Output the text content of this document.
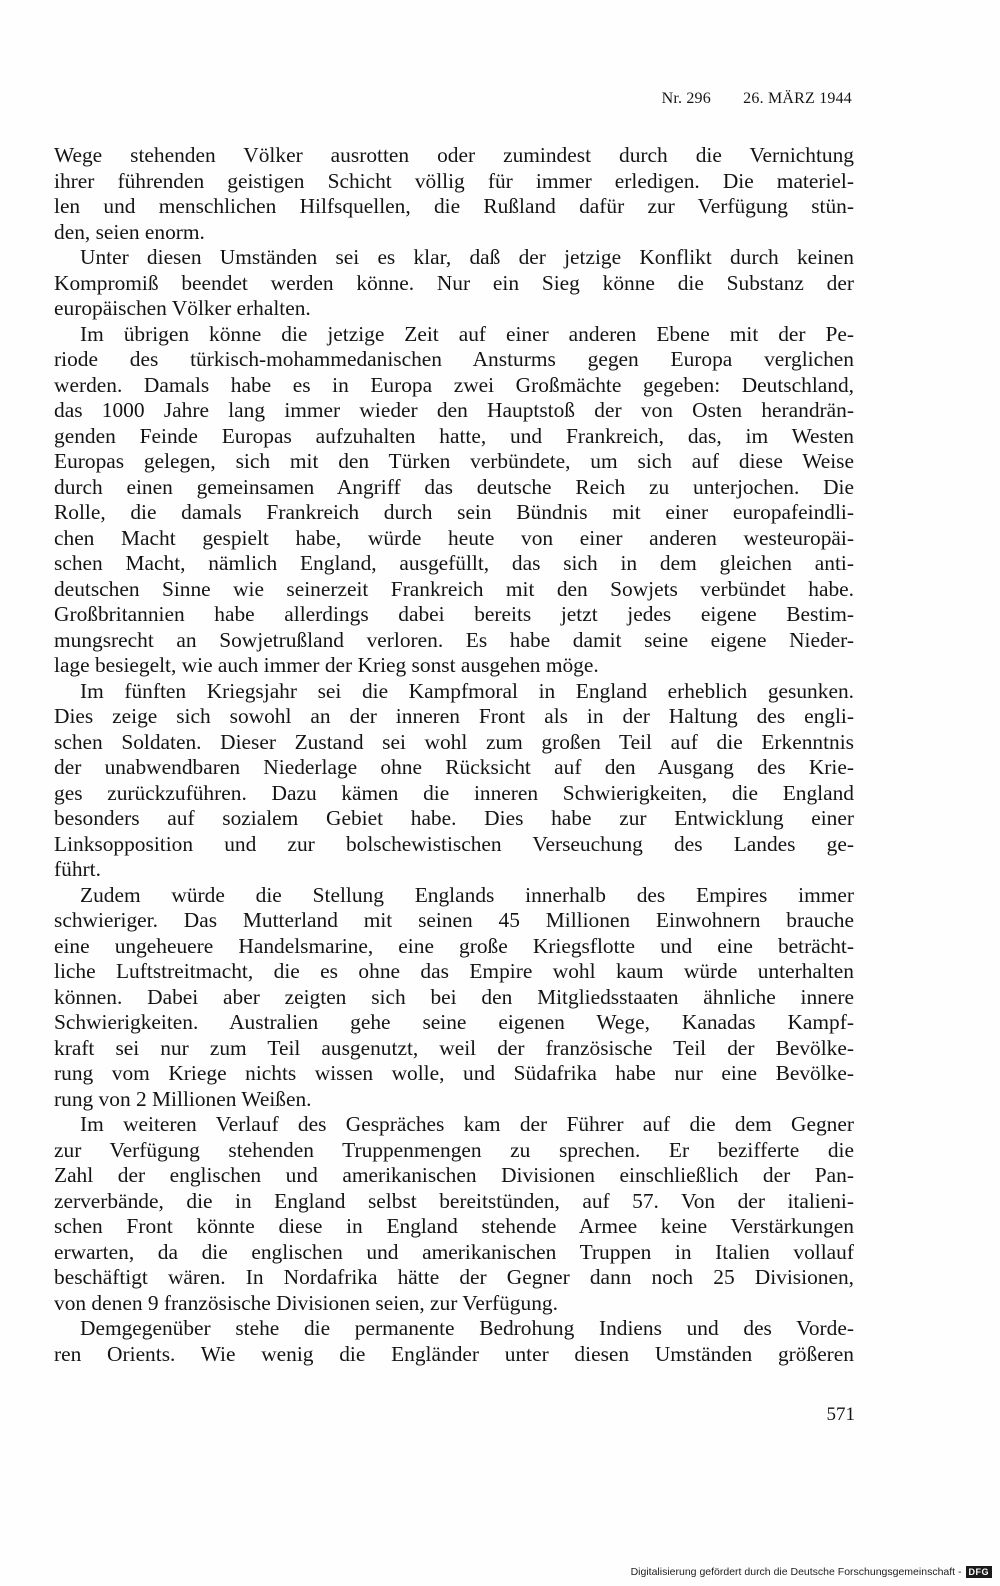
Nr. 296 26. MÄRZ 1944

Wege stehenden Völker ausrotten oder zumindest durch die Vernichtung
ihrer führenden geistigen Schicht völlig für immer erledigen. Die materiel-
len und menschlichen Hilfsquellen, die Rußland dafür zur Verfügung stün-
den, seien enorm.

Unter diesen Umständen sei es klar, daß der jetzige Konflikt durch keinen
Kompromiß beendet werden könne. Nur ein Sieg könne die Substanz der
europäischen Völker erhalten.

Im übrigen könne die jetzige Zeit auf einer anderen Ebene mit der Pe-
riode des türkisch-mohammedanischen Ansturms gegen Europa verglichen
werden. Damals habe es in Europa zwei Großmächte gegeben: Deutschland,
das 1000 Jahre lang immer wieder den Hauptstoß der von Osten herandrän-
genden Feinde Europas aufzuhalten hatte, und Frankreich, das, im Westen
Europas gelegen, sich mit den Türken verbündete, um sich auf diese Weise
durch einen gemeinsamen Angriff das deutsche Reich zu unterjochen. Die
Rolle, die damals Frankreich durch sein Bündnis mit einer europafeindli-
chen Macht gespielt habe, würde heute von einer anderen westeuropäi-
schen Macht, nämlich England, ausgefüllt, das sich in dem gleichen anti-
deutschen Sinne wie seinerzeit Frankreich mit den Sowjets verbündet habe.
Großbritannien habe allerdings dabei bereits jetzt jedes eigene Bestim-
mungsrecht an Sowjetrußland verloren. Es habe damit seine eigene Nieder-
lage besiegelt, wie auch immer der Krieg sonst ausgehen möge.

Im fünften Kriegsjahr sei die Kampfmoral in England erheblich gesunken.
Dies zeige sich sowohl an der inneren Front als in der Haltung des engli-
schen Soldaten. Dieser Zustand sei wohl zum großen Teil auf die Erkenntnis
der unabwendbaren Niederlage ohne Rücksicht auf den Ausgang des Krie-
ges zurückzuführen. Dazu kämen die inneren Schwierigkeiten, die England
besonders auf sozialem Gebiet habe. Dies habe zur Entwicklung einer
Linksopposition und zur bolschewistischen Verseuchung des Landes ge-
führt.

Zudem würde die Stellung Englands innerhalb des Empires immer
schwieriger. Das Mutterland mit seinen 45 Millionen Einwohnern brauche
eine ungeheuere Handelsmarine, eine große Kriegsflotte und eine beträcht-
liche Luftstreitmacht, die es ohne das Empire wohl kaum würde unterhalten
können. Dabei aber zeigten sich bei den Mitgliedsstaaten ähnliche innere
Schwierigkeiten. Australien gehe seine eigenen Wege, Kanadas Kampf-
kraft sei nur zum Teil ausgenutzt, weil der französische Teil der Bevölke-
rung vom Kriege nichts wissen wolle, und Südafrika habe nur eine Bevölke-
rung von 2 Millionen Weißen.

Im weiteren Verlauf des Gespräches kam der Führer auf die dem Gegner
zur Verfügung stehenden Truppenmengen zu sprechen. Er bezifferte die
Zahl der englischen und amerikanischen Divisionen einschließlich der Pan-
zerverbände, die in England selbst bereitstünden, auf 57. Von der italieni-
schen Front könnte diese in England stehende Armee keine Verstärkungen
erwarten, da die englischen und amerikanischen Truppen in Italien vollauf
beschäftigt wären. In Nordafrika hätte der Gegner dann noch 25 Divisionen,
von denen 9 französische Divisionen seien, zur Verfügung.

Demgegenüber stehe die permanente Bedrohung Indiens und des Vorde-
ren Orients. Wie wenig die Engländer unter diesen Umständen größeren

571
Digitalisierung gefördert durch die Deutsche Forschungsgemeinschaft - DFG
